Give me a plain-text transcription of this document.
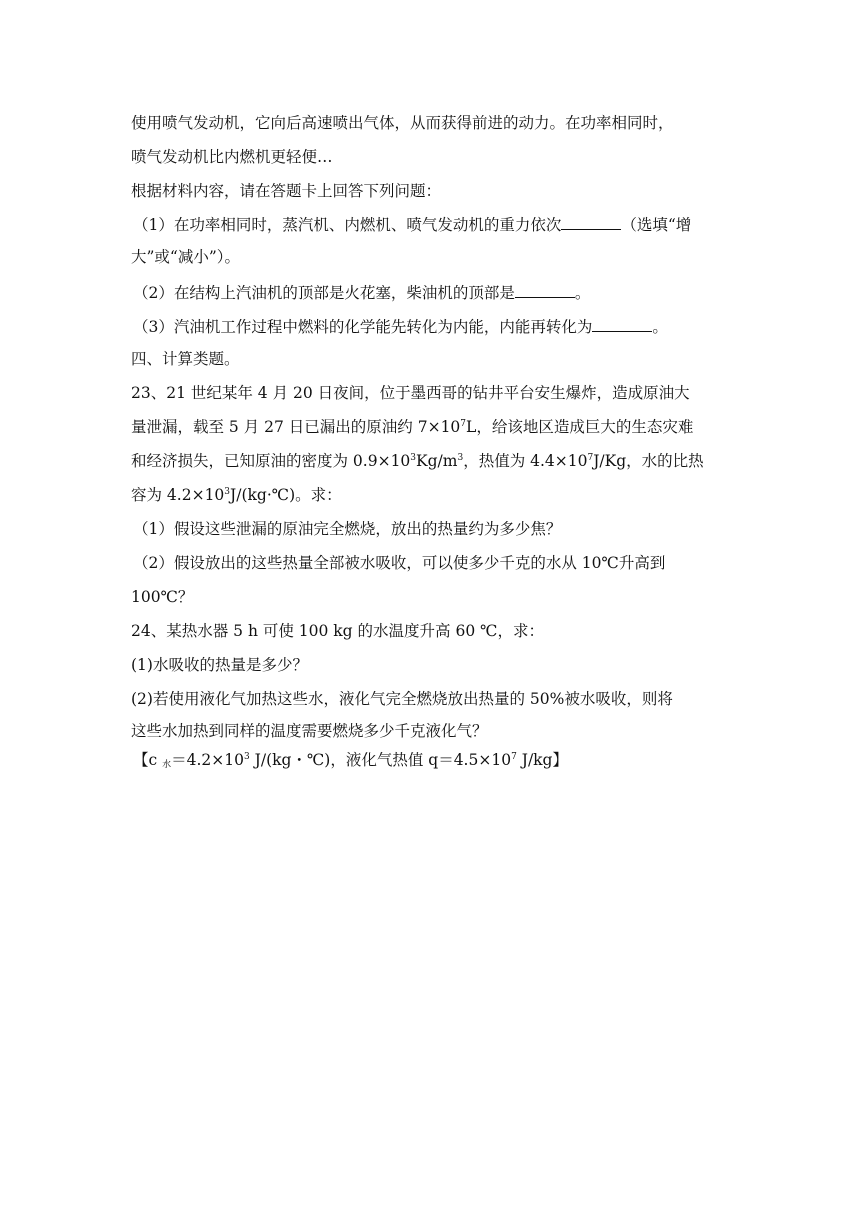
使用喷气发动机，它向后高速喷出气体，从而获得前进的动力。在功率相同时，
喷气发动机比内燃机更轻便…
根据材料内容，请在答题卡上回答下列问题：
（1）在功率相同时，蒸汽机、内燃机、喷气发动机的重力依次	（选填“增
大”或“减小”）。
（2）在结构上汽油机的顶部是火花塞，柴油机的顶部是	。
（3）汽油机工作过程中燃料的化学能先转化为内能，内能再转化为	。
四、计算类题。
23、21 世纪某年 4 月 20 日夜间，位于墨西哥的钻井平台安生爆炸，造成原油大
量泄漏，载至 5 月 27 日已漏出的原油约 $7\times 10^7L$，给该地区造成巨大的生态灾难
和经济损失，已知原油的密度为 $0.9\times 10^3Kg/m^3$，热值为 $4.4\times 10^7J/Kg$，水的比热
容为 $4.2\times 10^3J/(kg\cdot℃)$。求：
（1）假设这些泄漏的原油完全燃烧，放出的热量约为多少焦？
（2）假设放出的这些热量全部被水吸收，可以使多少千克的水从 10℃升高到
100℃？
24、某热水器 5 h 可使 100 kg 的水温度升高 60 ℃，求：
(1)水吸收的热量是多少？
(2)若使用液化气加热这些水，液化气完全燃烧放出热量的 50%被水吸收，则将
这些水加热到同样的温度需要燃烧多少千克液化气？
【c $_水=4.2\times 10^3$ J/(kg・℃)，液化气热值 $q=4.5\times 10^7$ J/kg】
